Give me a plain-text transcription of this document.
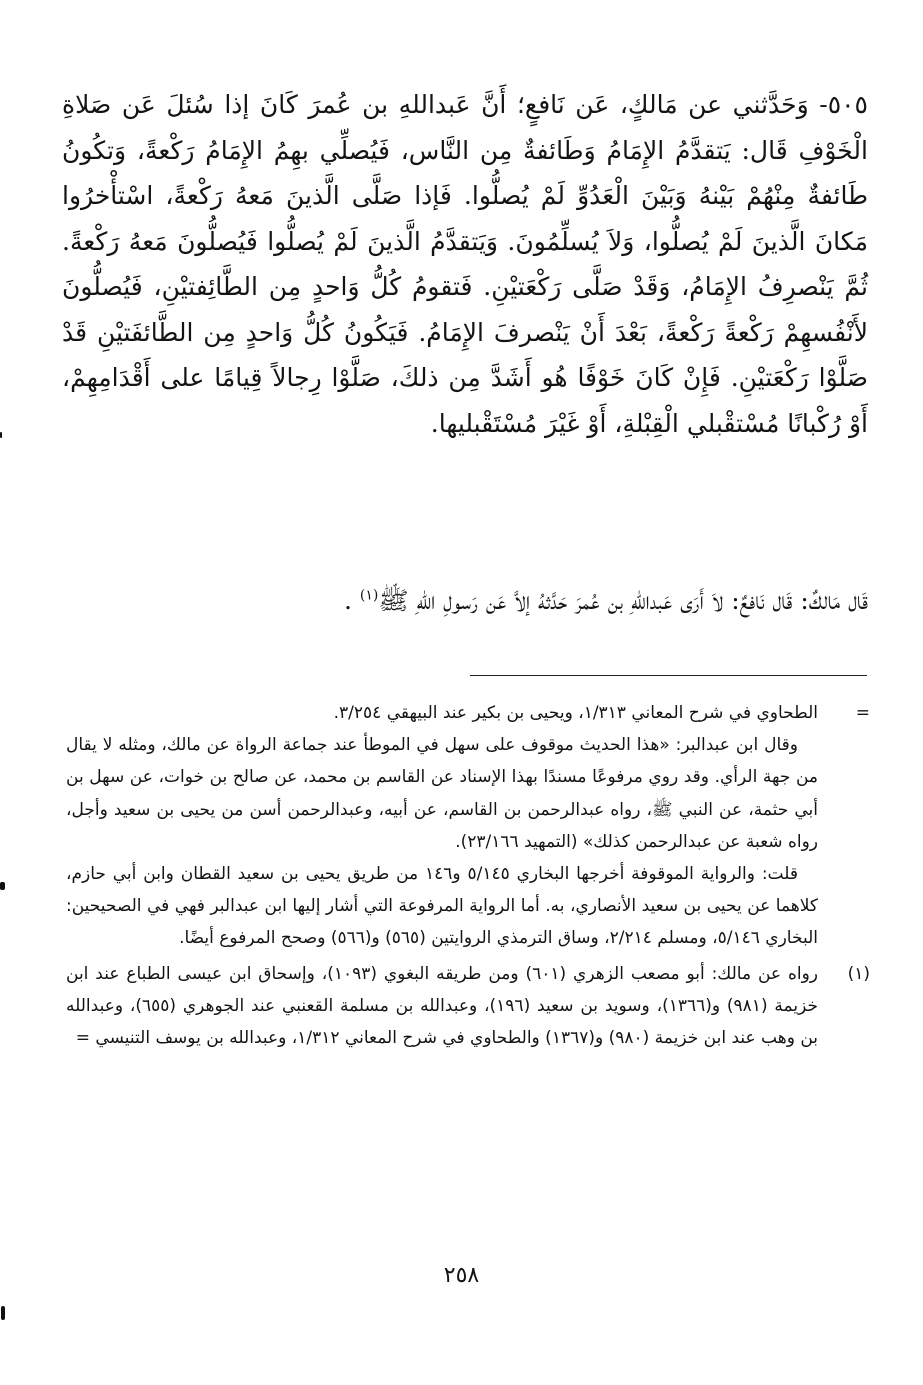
٥٠٥- وَحَدَّثني عن مَالكٍ، عَن نَافعٍ؛ أَنَّ عَبداللهِ بن عُمرَ كَانَ إذا سُئلَ عَن صَلاةِ الْخَوْفِ قَال: يَتقدَّمُ الإِمَامُ وَطَائفةٌ مِن النَّاس، فَيُصلِّي بهِمُ الإِمَامُ رَكْعةً، وَتكُونُ طَائفةٌ مِنْهُمْ بَيْنهُ وَبَيْنَ الْعَدُوِّ لَمْ يُصلُّوا. فَإذا صَلَّى الَّذينَ مَعهُ رَكْعةً، اسْتأْخرُوا مَكانَ الَّذينَ لَمْ يُصلُّوا، وَلاَ يُسلِّمُونَ. وَيَتقدَّمُ الَّذينَ لَمْ يُصلُّوا فَيُصلُّونَ مَعهُ رَكْعةً. ثُمَّ يَنْصرِفُ الإِمَامُ، وَقَدْ صَلَّى رَكْعَتيْنِ. فَتقومُ كُلُّ وَاحدٍ مِن الطَّائِفتيْنِ، فَيُصلُّونَ لأَنْفُسهِمْ رَكْعةً رَكْعةً، بَعْدَ أَنْ يَنْصرفَ الإِمَامُ. فَيَكُونُ كُلُّ وَاحدٍ مِن الطَّائفَتيْنِ قَدْ صَلَّوْا رَكْعَتيْنِ. فَإِنْ كَانَ خَوْفًا هُو أَشَدَّ مِن ذلكَ، صَلَّوْا رِجالاً قِيامًا على أَقْدَامِهِمْ، أَوْ رُكْبانًا مُسْتقْبلي الْقِبْلةِ، أَوْ غَيْرَ مُسْتَقْبليها.

قَال مَالكٌ: قَال نَافعٌ: لاَ أَرَى عَبداللهِ بن عُمرَ حَدَّثهُ إلاَّ عَن رَسولِ اللهِ ﷺ$^{(١)}$ .

=

الطحاوي في شرح المعاني ١/٣١٣، ويحيى بن بكير عند البيهقي ٣/٢٥٤.

وقال ابن عبدالبر: «هذا الحديث موقوف على سهل في الموطأ عند جماعة الرواة عن مالك، ومثله لا يقال من جهة الرأي. وقد روي مرفوعًا مسندًا بهذا الإسناد عن القاسم بن محمد، عن صالح بن خوات، عن سهل بن أبي حثمة، عن النبي ﷺ، رواه عبدالرحمن بن القاسم، عن أبيه، وعبدالرحمن أسن من يحيى بن سعيد وأجل، رواه شعبة عن عبدالرحمن كذلك» (التمهيد ٢٣/١٦٦).

قلت: والرواية الموقوفة أخرجها البخاري ٥/١٤٥ و١٤٦ من طريق يحيى بن سعيد القطان وابن أبي حازم، كلاهما عن يحيى بن سعيد الأنصاري، به. أما الرواية المرفوعة التي أشار إليها ابن عبدالبر فهي في الصحيحين: البخاري ٥/١٤٦، ومسلم ٢/٢١٤، وساق الترمذي الروايتين (٥٦٥) و(٥٦٦) وصحح المرفوع أيضًا.

(١)

رواه عن مالك: أبو مصعب الزهري (٦٠١) ومن طريقه البغوي (١٠٩٣)، وإسحاق ابن عيسى الطباع عند ابن خزيمة (٩٨١) و(١٣٦٦)، وسويد بن سعيد (١٩٦)، وعبدالله بن مسلمة القعنبي عند الجوهري (٦٥٥)، وعبدالله بن وهب عند ابن خزيمة (٩٨٠) و(١٣٦٧) والطحاوي في شرح المعاني ١/٣١٢، وعبدالله بن يوسف التنيسي =

٢٥٨
